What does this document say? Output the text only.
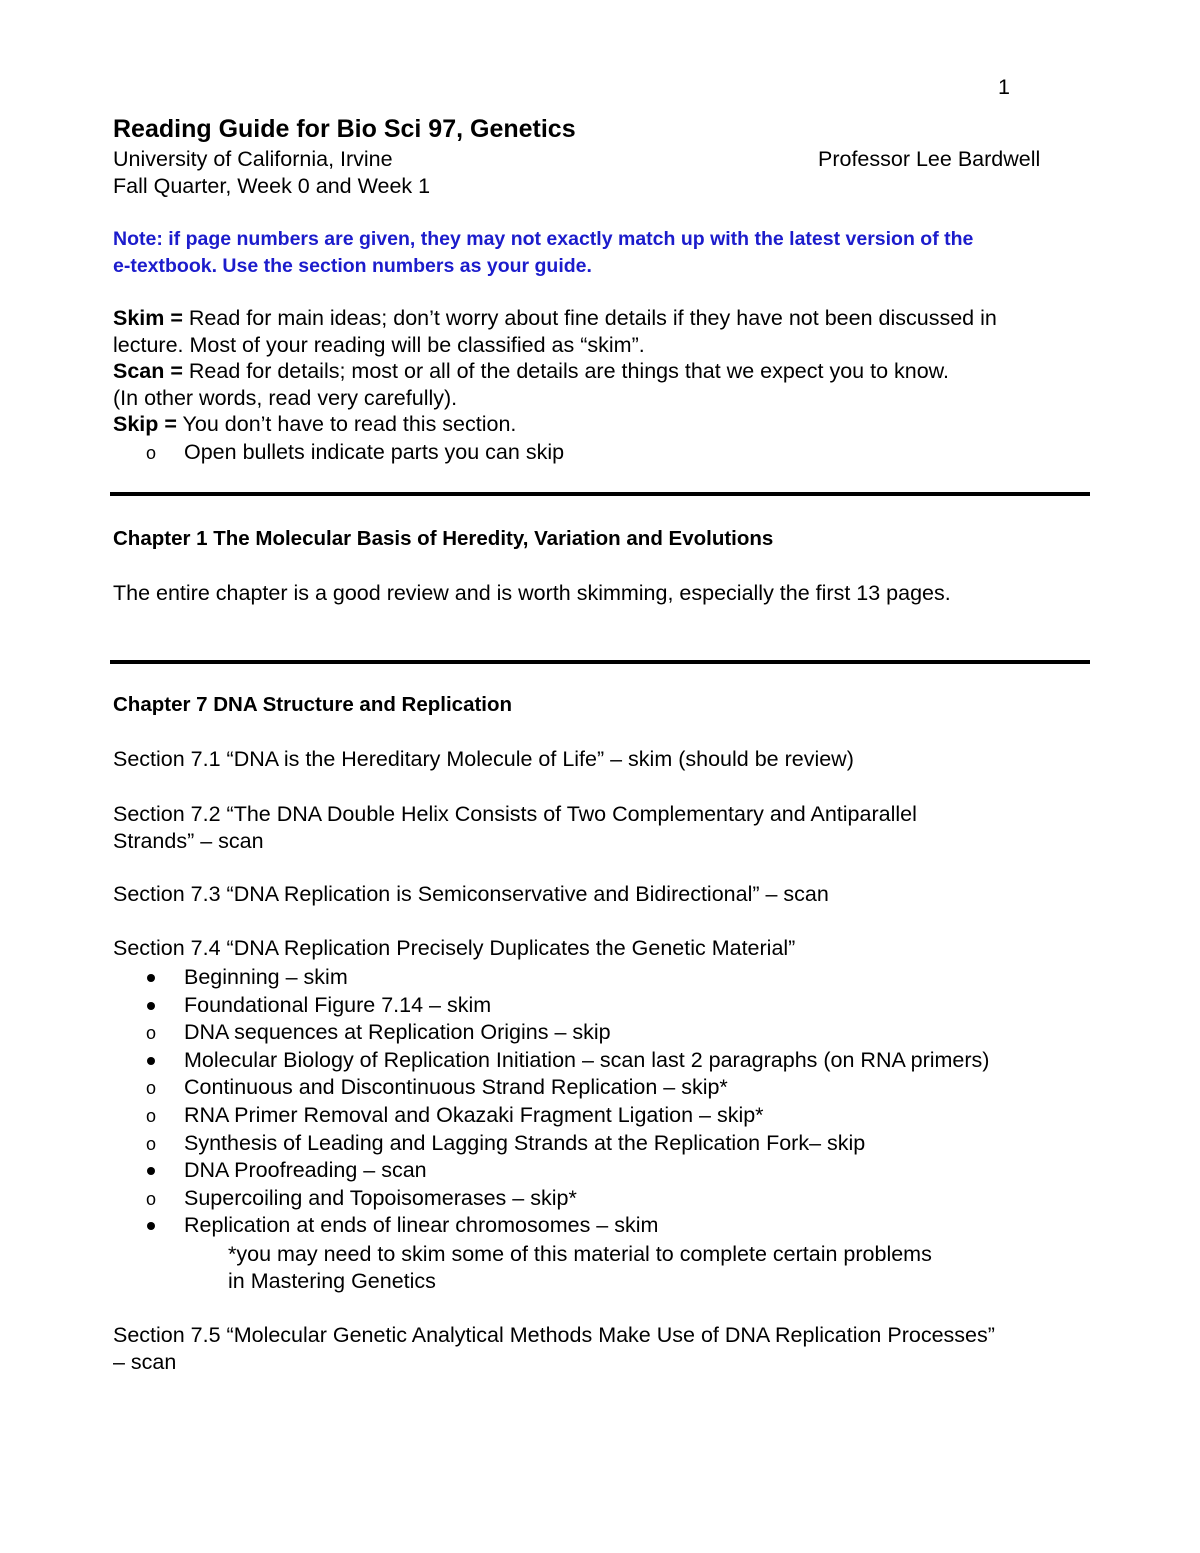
1
Reading Guide for Bio Sci 97, Genetics
University of California, Irvine	Professor Lee Bardwell
Fall Quarter, Week 0 and Week 1
Note: if page numbers are given, they may not exactly match up with the latest version of the
e-textbook. Use the section numbers as your guide.
Skim = Read for main ideas; don’t worry about fine details if they have not been discussed in
lecture. Most of your reading will be classified as “skim”.
Scan = Read for details; most or all of the details are things that we expect you to know.
(In other words, read very carefully).
Skip = You don’t have to read this section.
o Open bullets indicate parts you can skip
Chapter 1 The Molecular Basis of Heredity, Variation and Evolutions
The entire chapter is a good review and is worth skimming, especially the first 13 pages.
Chapter 7 DNA Structure and Replication
Section 7.1 “DNA is the Hereditary Molecule of Life” – skim (should be review)
Section 7.2 “The DNA Double Helix Consists of Two Complementary and Antiparallel
Strands” – scan
Section 7.3 “DNA Replication is Semiconservative and Bidirectional” – scan
Section 7.4 “DNA Replication Precisely Duplicates the Genetic Material”
Beginning – skim
Foundational Figure 7.14 – skim
o DNA sequences at Replication Origins – skip
Molecular Biology of Replication Initiation – scan last 2 paragraphs (on RNA primers)
o Continuous and Discontinuous Strand Replication – skip*
o RNA Primer Removal and Okazaki Fragment Ligation – skip*
o Synthesis of Leading and Lagging Strands at the Replication Fork– skip
DNA Proofreading – scan
o Supercoiling and Topoisomerases – skip*
Replication at ends of linear chromosomes – skim
*you may need to skim some of this material to complete certain problems
in Mastering Genetics
Section 7.5 “Molecular Genetic Analytical Methods Make Use of DNA Replication Processes”
– scan
